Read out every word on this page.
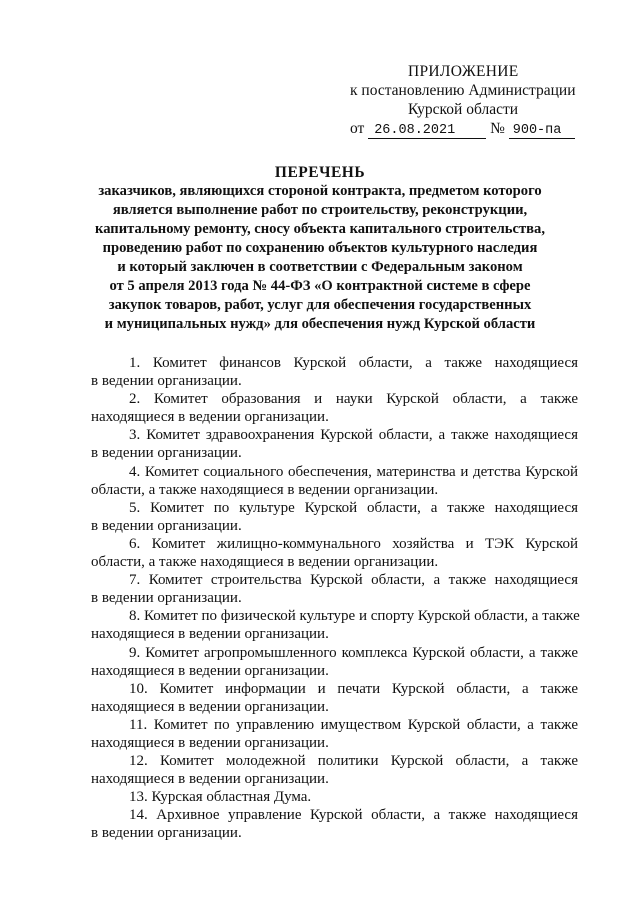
ПРИЛОЖЕНИЕ
к постановлению Администрации
Курской области
от 26.08.2021 № 900-па
ПЕРЕЧЕНЬ
заказчиков, являющихся стороной контракта, предметом которого
является выполнение работ по строительству, реконструкции,
капитальному ремонту, сносу объекта капитального строительства,
проведению работ по сохранению объектов культурного наследия
и который заключен в соответствии с Федеральным законом
от 5 апреля 2013 года № 44-ФЗ «О контрактной системе в сфере
закупок товаров, работ, услуг для обеспечения государственных
и муниципальных нужд» для обеспечения нужд Курской области
1. Комитет финансов Курской области, а также находящиеся
в ведении организации.
2. Комитет образования и науки Курской области, а также
находящиеся в ведении организации.
3. Комитет здравоохранения Курской области, а также находящиеся
в ведении организации.
4. Комитет социального обеспечения, материнства и детства Курской
области, а также находящиеся в ведении организации.
5. Комитет по культуре Курской области, а также находящиеся
в ведении организации.
6. Комитет жилищно-коммунального хозяйства и ТЭК Курской
области, а также находящиеся в ведении организации.
7. Комитет строительства Курской области, а также находящиеся
в ведении организации.
8. Комитет по физической культуре и спорту Курской области, а также
находящиеся в ведении организации.
9. Комитет агропромышленного комплекса Курской области, а также
находящиеся в ведении организации.
10. Комитет информации и печати Курской области, а также
находящиеся в ведении организации.
11. Комитет по управлению имуществом Курской области, а также
находящиеся в ведении организации.
12. Комитет молодежной политики Курской области, а также
находящиеся в ведении организации.
13. Курская областная Дума.
14. Архивное управление Курской области, а также находящиеся
в ведении организации.
